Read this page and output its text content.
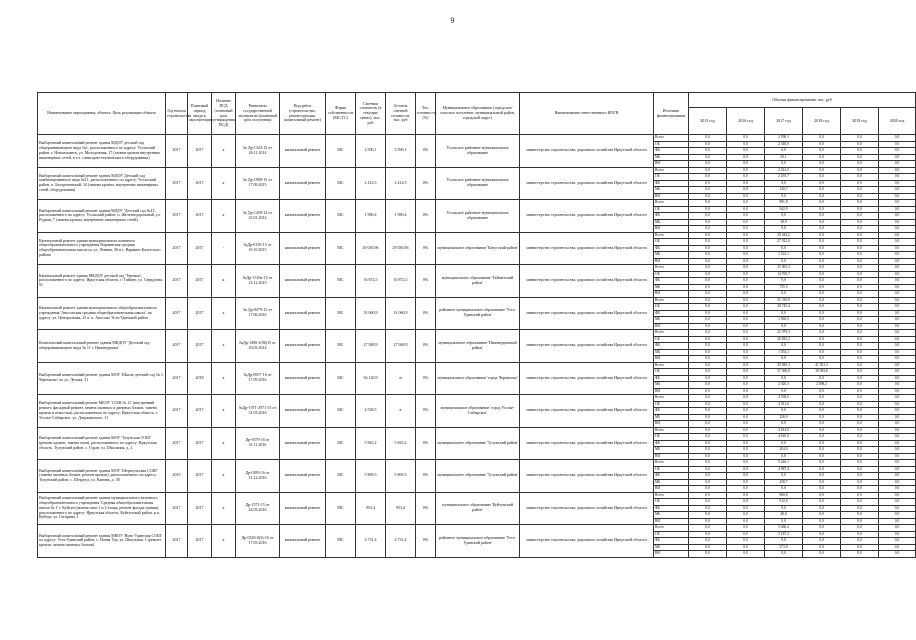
9
Наименование мероприятия, объекта. Цель реализации объекта	Год начала строительства	Плановый период ввода в эксплуатацию	Наличие ПСД (плановый срок утверждения ПСД)	Реквизиты государственной экспертизы (плановый срок получения)	Вид работ (строительство, реконструкция, капитальный ремонт)	Форма собственности (МС/ГС)	Сметная стоимость (в текущих ценах), тыс. руб	Остаток сметной стоимости, тыс. руб	Тех. готовность, (%)	Муниципальное образование (городское/сельское поселение, муниципальный район, городской округ)	Наименование ответственного ИОГВ	Источник финансирования	Объемы финансирования, тыс. руб					
													2015 год	2016 год	2017 год	2018 год	2019 год	2020 год
Выборочный капитальный ремонт здания МДОУ детский сад общеразвивающего вида №1, расположенного по адресу: Усольский район, г. Новоильинск, ул. Молодежная, 17 (замена кровли внутренних инженерных сетей, в т.ч. санитарно-технического оборудования)	2017	2017	к	№ Др-1324-15 от 26.11.2014	капитальный ремонт	МС	2 590,1	2 590,1	0%	Усольское районное муниципальное образование	министерство строительства, дорожного хозяйства Иркутской области	Всего	0,0	0,0	2 590,1	0,0	0,0	0,0
												ОБ	0,0	0,0	2 540,0	0,0	0,0	0,0
												ФБ	0,0	0,0	0,0	0,0	0,0	0,0
												МБ	0,0	0,0	50,1	0,0	0,0	0,0
												ВИ	0,0	0,0	0,0	0,0	0,0	0,0
Выборочный капитальный ремонт здания МДОУ Детский сад комбинированного вида №11, расположенного по адресу: Усольский район, п. Белореченский, 34 (замена кровли, внутренних инженерных сетей, оборудования)	2017	2017	к	№ Др-1908-15 от 17.09.2015	капитальный ремонт	МС	2 414,5	2 414,5	0%	Усольское районное муниципальное образование	министерство строительства, дорожного хозяйства Иркутской области	Всего	0,0	0,0	2 414,5	0,0	0,0	0,0
												ОБ	0,0	0,0	2 293,7	0,0	0,0	0,0
												ФБ	0,0	0,0	0,0	0,0	0,0	0,0
												МБ	0,0	0,0	120,7	0,0	0,0	0,0
												ВИ	0,0	0,0	0,0	0,0	0,0	0,0
Выборочный капитальный ремонт здания МДОУ 'Детский сад №11', расположенного по адресу: Усольский район, п. Железнодорожный, ул. Рудная, 7 (замена кровли, внутренних инженерных сетей)	2017	2017	к	№ Др-1459-14 от 23.01.2014	капитальный ремонт	МС	1 980,4	1 980,4	0%	Усольское районное муниципальное образование	министерство строительства, дорожного хозяйства Иркутской области	Всего	0,0	0,0	981,8	0,0	0,0	0,0
												ОБ	0,0	0,0	942,9	0,0	0,0	0,0
												ФБ	0,0	0,0	0,0	0,0	0,0	0,0
												МБ	0,0	0,0	38,9	0,0	0,0	0,0
												ВИ	0,0	0,0	0,0	0,0	0,0	0,0
Капитальный ремонт здания муниципального казенного общеобразовательного учреждения Варнинская средняя общеобразовательная школа по ул. Ленина, 36 в с. Варнино Качугского района	2017	2017	-	№Др-0159-15 от 16.10.2015	капитальный ремонт	МС	29 030,96	29 030,96	0%	муниципальное образование 'Качугский район'	министерство строительства, дорожного хозяйства Иркутской области	Всего	0,0	0,0	29 444,2	0,0	0,0	0,0
												ОБ	0,0	0,0	27 922,0	0,0	0,0	0,0
												ФБ	0,0	0,0	0,0	0,0	0,0	0,0
												МБ	0,0	0,0	1 522,1	0,0	0,0	0,0
												ВИ	0,0	0,0	0,0	0,0	0,0	0,0
Капитальный ремонт здания МКДОУ детский сад 'Теремок', расположенного по адресу: Иркутская область, г. Тайшет, ул. Свердлова, 91	2017	2017	к	№Др-1310к-15 от 21.12.2015	капитальный ремонт	МС	16 872,5	16 872,5	0%	муниципальное образование 'Тайшетский район'	министерство строительства, дорожного хозяйства Иркутской области	Всего	0,0	0,0	15 505,3	0,0	0,0	0,0
												ОБ	0,0	0,0	14 769,7	0,0	0,0	0,0
												ФБ	0,0	0,0	0,0	0,0	0,0	0,0
												МБ	0,0	0,0	735,5	0,0	0,0	0,0
												ВИ	0,0	0,0	0,0	0,0	0,0	0,0
Капитальный ремонт здания муниципального общеобразовательного учреждения 'Аносовская средняя общеобразовательная школа', по адресу: ул. Центральная, 25 в. п. Аносово Усть-Удинский район	2017	2017	к	№ Др-0479-15 от 17.06.2016	капитальный ремонт	МС	31 060,9	31 060,9	0%	районное муниципальное образование 'Усть-Удинский район'	министерство строительства, дорожного хозяйства Иркутской области	Всего	0,0	0,0	31 310,9	0,0	0,0	0,0
												ОБ	0,0	0,0	29 745,4	0,0	0,0	0,0
												ФБ	0,0	0,0	0,0	0,0	0,0	0,0
												МБ	0,0	0,0	1 565,5	0,0	0,0	0,0
												ВИ	0,0	0,0	0,0	0,0	0,0	0,0
Комплексный капитальный ремонт здания МКДОУ 'Детский сад общеразвивающего вида № 11 г. Нижнеудинск'	2017	2017	к	№Др-1496-1(06)15 от 16.03.2014	капитальный ремонт	МС	27 948,9	27 948,9	0%	муниципальное образование 'Нижнеудинский район'	министерство строительства, дорожного хозяйства Иркутской области	Всего	0,0	0,0	21 979,3	0,0	0,0	0,0
												ОБ	0,0	0,0	20 825,2	0,0	0,0	0,0
												ФБ	0,0	0,0	0,0	0,0	0,0	0,0
												МБ	0,0	0,0	1 054,1	0,0	0,0	0,0
												ВИ	0,0	0,0	0,0	0,0	0,0	0,0
Выборочный капитальный ремонт здания МОУ 'Школа-детский сад № 1, Черемхово' по ул. Лесная, 31	2017	2018	к	№Др-0957-16 от 17.09.2016	капитальный ремонт	МС	94 120,9	м	0%	муниципальное образование 'город Черемхово'	министерство строительства, дорожного хозяйства Иркутской области	Всего	0,0	0,0	39 580,3	41 501,3	0,0	0,0
												ОБ	0,0	0,0	37 560,0	39 393,6	0,0	0,0
												ФБ	0,0	0,0	0,0	0,0	0,0	0,0
												МБ	0,0	0,0	2 020,3	2 098,2	0,0	0,0
												ВИ	0,0	0,0	0,0	0,0	0,0	0,0
Выборочный капитальный ремонт МБОУ 'СОШ № 11' (внутренний ремонт, фасадный ремонт, замена оконных и дверных блоков, замена кровли и отмостки), расположенного по адресу: Иркутская область, г. Усолье-Сибирское, ул. Дзержинского, 11	2017	2017	к	№Др-1971-2971-15 от 31.03.2016	капитальный ремонт	МС	4 538,5	к	0%	муниципальное образование 'город Усолье-Сибирское'	министерство строительства, дорожного хозяйства Иркутской области	Всего	0,0	0,0	4 538,5	0,0	0,0	0,0
												ОБ	0,0	0,0	4 311,6	0,0	0,0	0,0
												ФБ	0,0	0,0	0,0	0,0	0,0	0,0
												МБ	0,0	0,0	226,9	0,0	0,0	0,0
												ВИ	0,0	0,0	0,0	0,0	0,0	0,0
Выборочный капитальный ремонт здания МОУ 'Тулунская СОШ' (ремонт кровли, замена окон), расположенного по адресу: Иркутская область, Тулунский район, с. Гуран, ул. Школьная, д. 2	2017	2017	к	Др-0379-16 от 31.11.2016	капитальный ремонт	МС	5 843,2	5 843,2	0%	муниципальное образование 'Тулунский район'	министерство строительства, дорожного хозяйства Иркутской области	Всего	0,0	0,0	4 814,0	0,0	0,0	0,0
												ОБ	0,0	0,0	4 610,0	0,0	0,0	0,0
												ФБ	0,0	0,0	0,0	0,0	0,0	0,0
												МБ	0,0	0,0	204,0	0,0	0,0	0,0
												ВИ	0,0	0,0	0,0	0,0	0,0	0,0
Выборочный капитальный ремонт здания МОУ 'Шерагульская СОШ' (замена оконных блоков, ремонт кровли), расположенного по адресу: Тулунский район, с. Шерагул, ул. Ванина, д. 38	2019	2017	к	Др-0383-16 от 31.12.2016	капитальный ремонт	МС	5 869,3	5 869,3	0%	муниципальное образование 'Тулунский район'	министерство строительства, дорожного хозяйства Иркутской области	Всего	0,0	0,0	5 246,1	0,0	0,0	0,0
												ОБ	0,0	0,0	4 987,4	0,0	0,0	0,0
												ФБ	0,0	0,0	0,0	0,0	0,0	0,0
												МБ	0,0	0,0	258,7	0,0	0,0	0,0
												ВИ	0,0	0,0	0,0	0,0	0,0	0,0
Выборочный капитальный ремонт здания муниципального казенного общеобразовательного учреждения 'Средняя общеобразовательная школа № 1' г. Куйтун (замена окон 1 и 2 этажа, ремонт фасада здания), расположенного по адресу: Иркутская область, Куйтунский район, р.п. Куйтун, ул. Гагарина, 1	2017	2017	к	Др-1571-15 от 24.03.2016	капитальный ремонт	МС	953,4	953,4	0%	муниципальное образование 'Куйтунский район'	министерство строительства, дорожного хозяйства Иркутской области	Всего	0,0	0,0	960,6	0,0	0,0	0,0
												ОБ	0,0	0,0	912,6	0,0	0,0	0,0
												ФБ	0,0	0,0	0,0	0,0	0,0	0,0
												МБ	0,0	0,0	48,0	0,0	0,0	0,0
												ВИ	0,0	0,0	0,0	0,0	0,0	0,0
Выборочный капитальный ремонт здания МКОУ 'Ново-Удинская СОШ' по адресу: Усть-Удинский район, с. Новая Уда, ул. Школьная, 1 (ремонт кровли, замена оконных блоков)	2017	2017	к	Др-0329-0(3)-16 от 17.03.2016	капитальный ремонт	МС	4 731,4	4 731,4	0%	районное муниципальное образование 'Усть-Удинский район'	министерство строительства, дорожного хозяйства Иркутской области	Всего	0,0	0,0	5 460,2	0,0	0,0	0,0
												ОБ	0,0	0,0	5 187,2	0,0	0,0	0,0
												ФБ	0,0	0,0	0,0	0,0	0,0	0,0
												МБ	0,0	0,0	273,0	0,0	0,0	0,0
												ВИ	0,0	0,0	0,0	0,0	0,0	0,0
